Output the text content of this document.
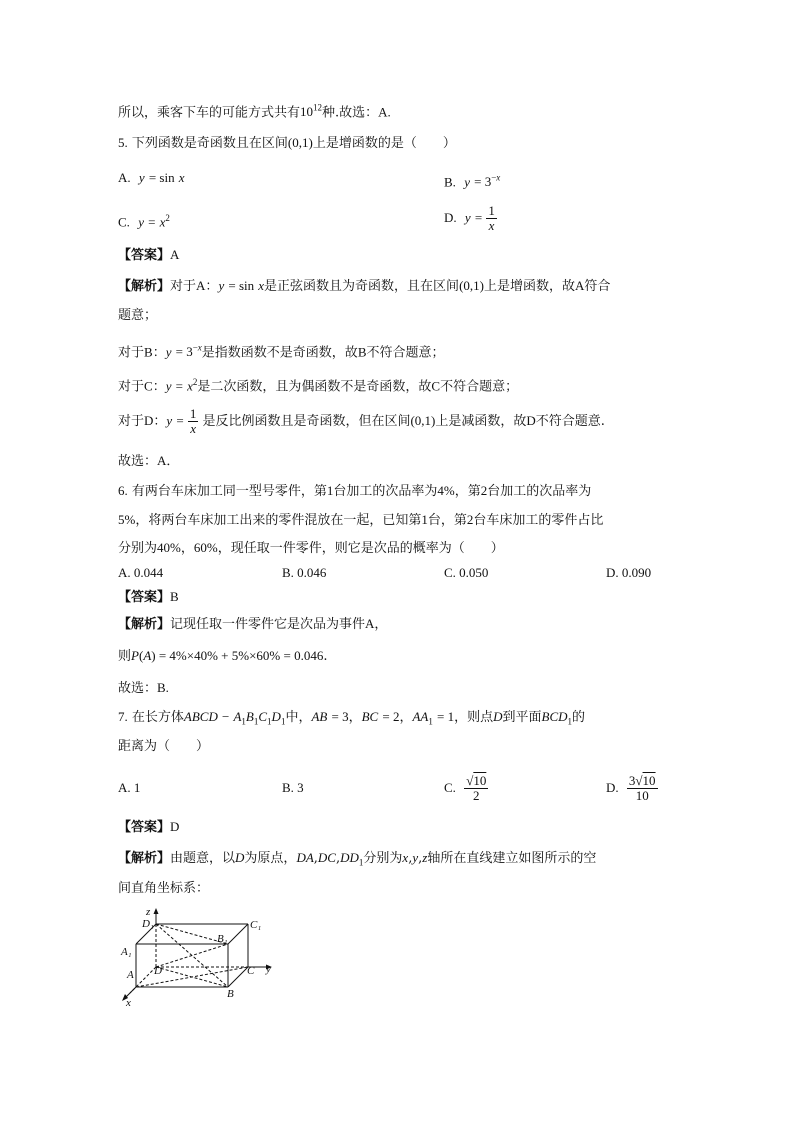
所以，乘客下车的可能方式共有$10^{12}$种.故选：A.
5. 下列函数是奇函数且在区间(0,1)上是增函数的是（　　）
A. y = sin x	B. $y = 3^{-x}$
C. $y = x^2$	D. $y = \frac{1}{x}$
【答案】A
【解析】对于A：y = sin x是正弦函数且为奇函数，且在区间(0,1)上是增函数，故A符合
题意；
对于B：$y = 3^{-x}$是指数函数不是奇函数，故B不符合题意；
对于C：$y = x^2$是二次函数，且为偶函数不是奇函数，故C不符合题意；
对于D：$y = \frac{1}{x}$ 是反比例函数且是奇函数，但在区间(0,1)上是减函数，故D不符合题意.
故选：A．
6. 有两台车床加工同一型号零件，第1台加工的次品率为4%，第2台加工的次品率为
5%，将两台车床加工出来的零件混放在一起，已知第1台，第2台车床加工的零件占比
分别为40%，60%，现任取一件零件，则它是次品的概率为（　　）
A. 0.044	B. 0.046	C. 0.050	D. 0.090
【答案】B
【解析】记现任取一件零件它是次品为事件A，
则P(A) = 4%×40% + 5%×60% = 0.046.
故选：B.
7. 在长方体ABCD − $A_1B_1C_1D_1$中，AB = 3，BC = 2，$AA_1 = 1$，则点D到平面$BCD_1$的
距离为（　　）
A. 1	B. 3	C. $\frac{√10}{2}$	D. $\frac{3√10}{10}$
【答案】D
【解析】由题意，以D为原点，$DA,DC,DD_1$分别为x,y,z轴所在直线建立如图所示的空
间直角坐标系：
z
D₁	C₁
B₁
A₁
A D	C y
B
x
